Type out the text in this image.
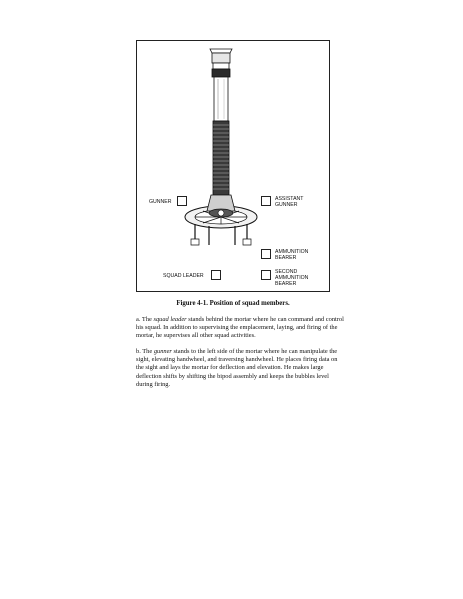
GUNNER	ASSISTANT
GUNNER
AMMUNITION
BEARER
SQUAD LEADER
SECOND
AMMUNITION
BEARER
Figure 4-1. Position of squad members.

a. The squad leader stands behind the mortar where he can command and control his squad. In addition to supervising the emplacement, laying, and firing of the mortar, he supervises all other squad activities.

b. The gunner stands to the left side of the mortar where he can manipulate the sight, elevating handwheel, and traversing handwheel. He places firing data on the sight and lays the mortar for deflection and elevation. He makes large deflection shifts by shifting the bipod assembly and keeps the bubbles level during firing.
